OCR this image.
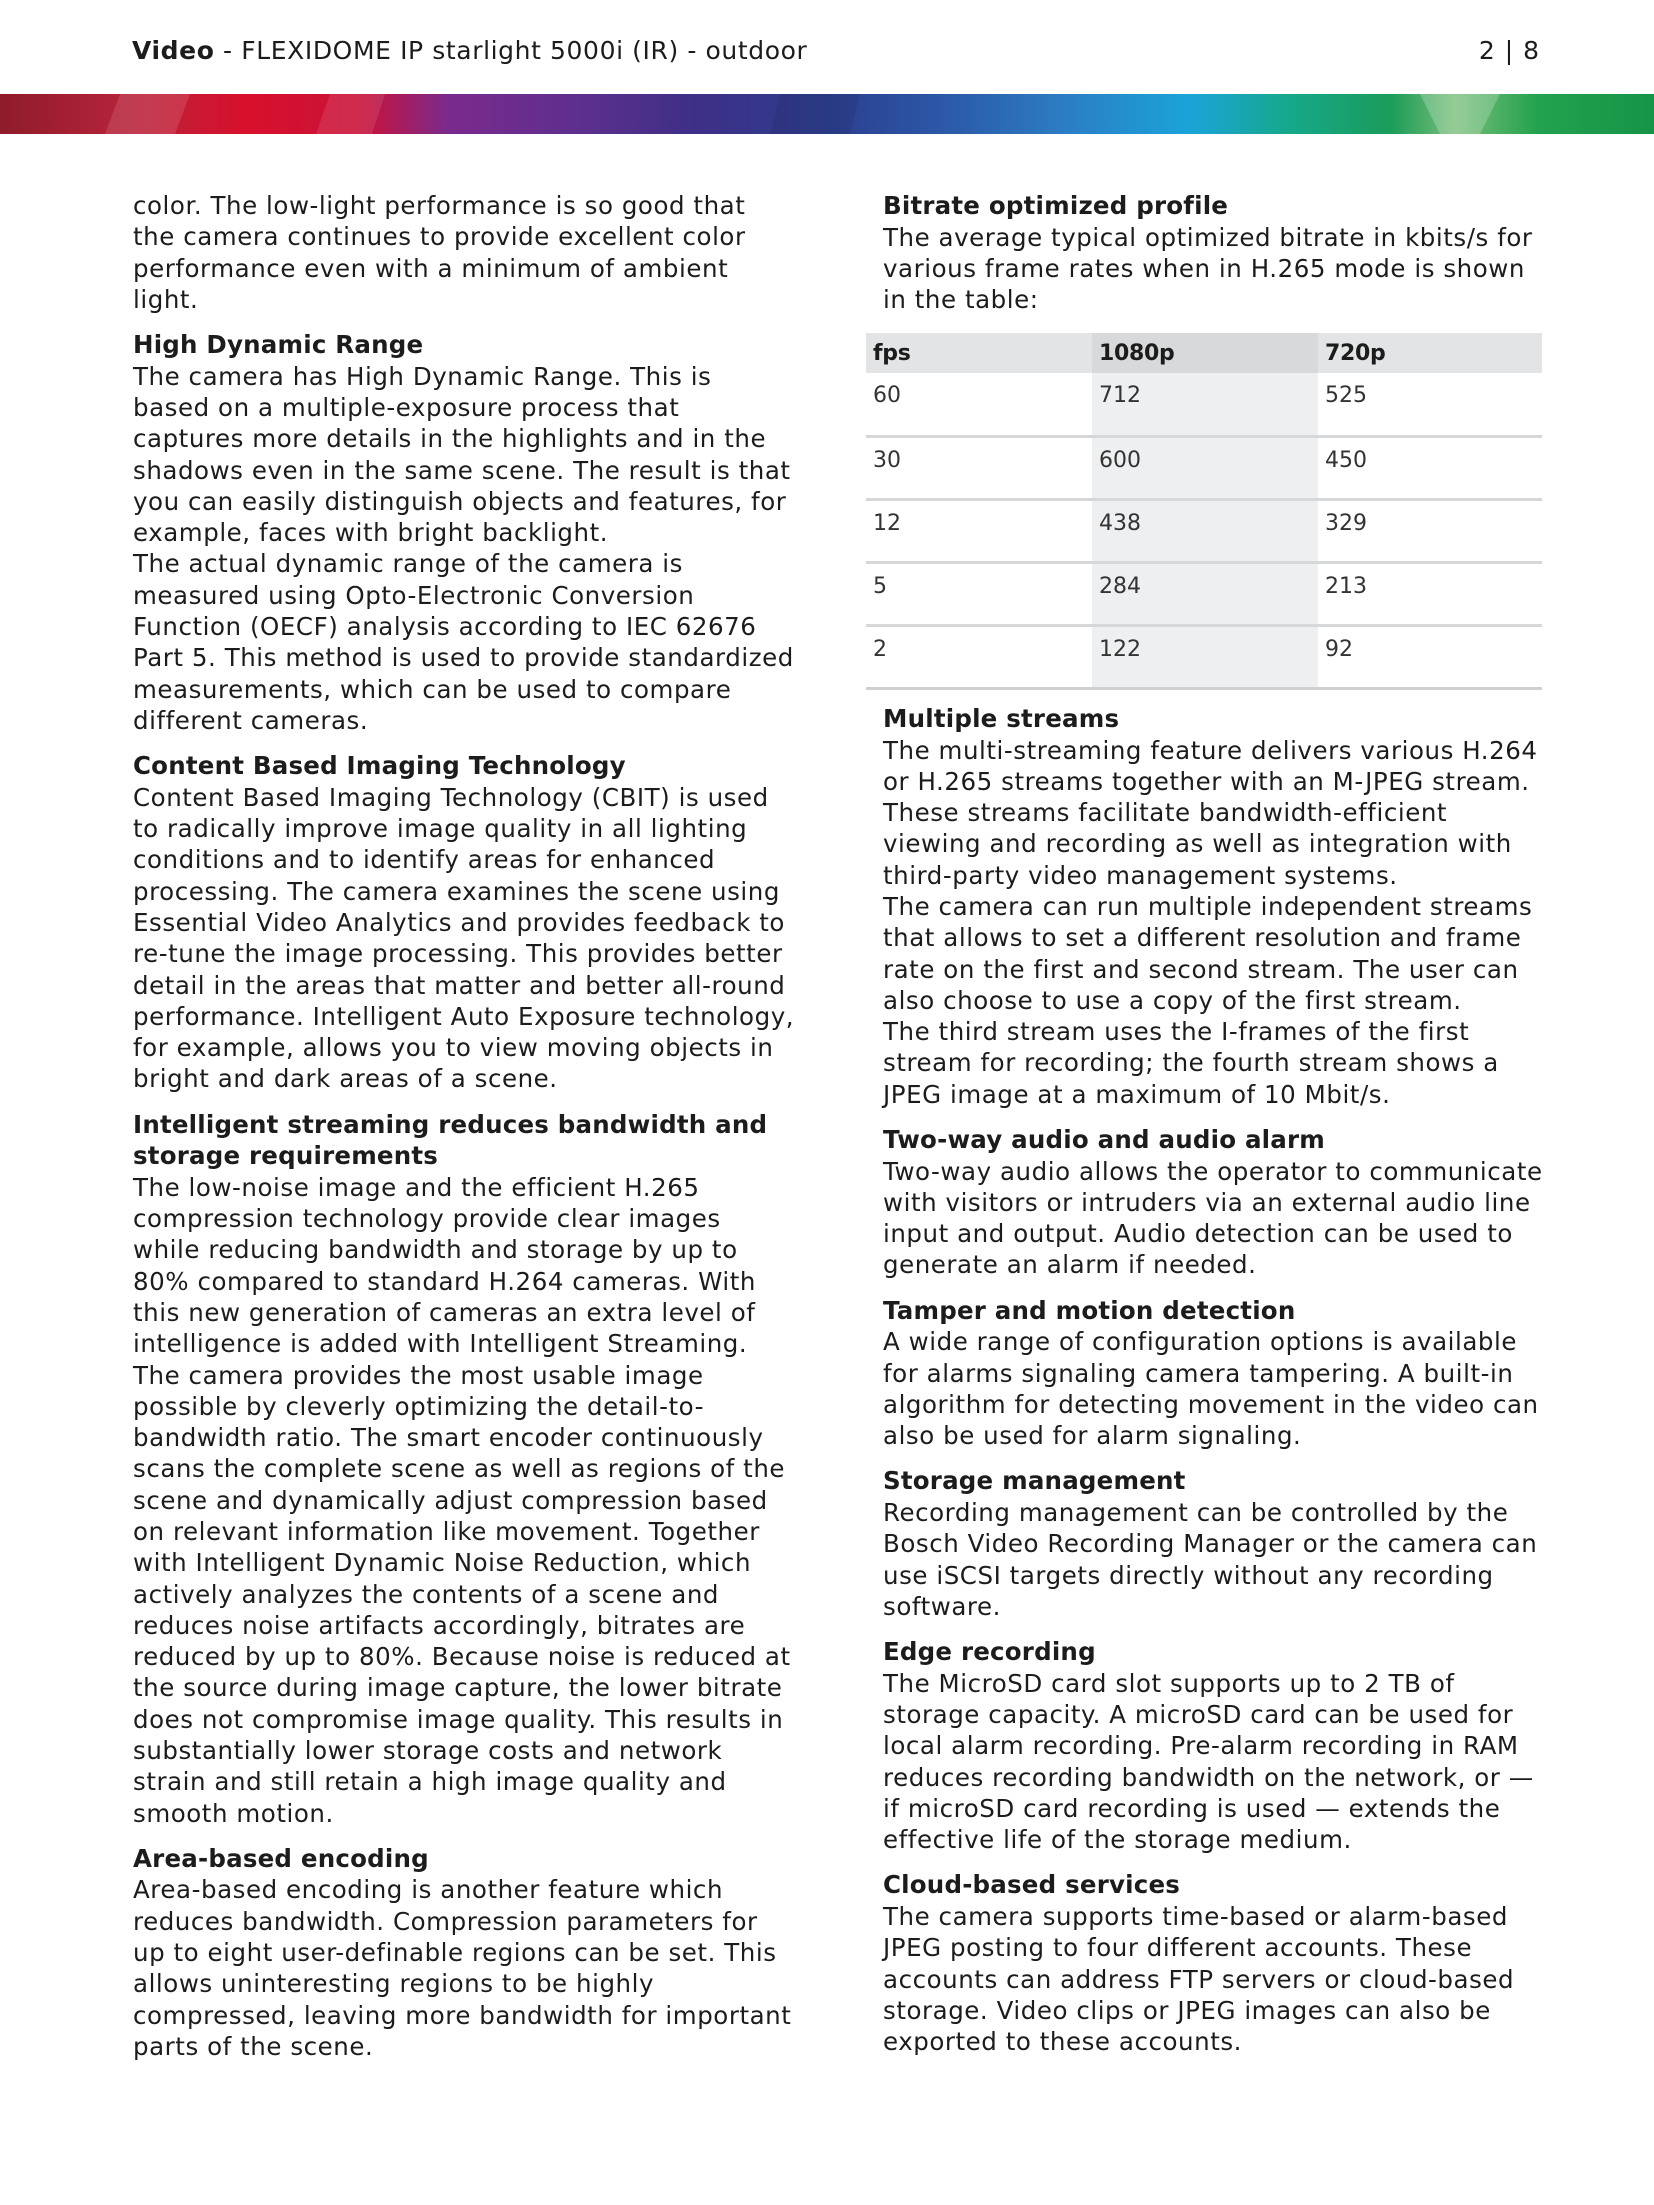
Video - FLEXIDOME IP starlight 5000i (IR) - outdoor	2 | 8

color. The low-light performance is so good that the camera continues to provide excellent color performance even with a minimum of ambient light.

High Dynamic Range

The camera has High Dynamic Range. This is based on a multiple-exposure process that captures more details in the highlights and in the shadows even in the same scene. The result is that you can easily distinguish objects and features, for example, faces with bright backlight.
The actual dynamic range of the camera is measured using Opto-Electronic Conversion Function (OECF) analysis according to IEC 62676 Part 5. This method is used to provide standardized measurements, which can be used to compare different cameras.

Content Based Imaging Technology

Content Based Imaging Technology (CBIT) is used to radically improve image quality in all lighting conditions and to identify areas for enhanced processing. The camera examines the scene using Essential Video Analytics and provides feedback to re-tune the image processing. This provides better detail in the areas that matter and better all-round performance. Intelligent Auto Exposure technology, for example, allows you to view moving objects in bright and dark areas of a scene.

Intelligent streaming reduces bandwidth and storage requirements

The low-noise image and the efficient H.265 compression technology provide clear images while reducing bandwidth and storage by up to 80% compared to standard H.264 cameras. With this new generation of cameras an extra level of intelligence is added with Intelligent Streaming. The camera provides the most usable image possible by cleverly optimizing the detail-to-bandwidth ratio. The smart encoder continuously scans the complete scene as well as regions of the scene and dynamically adjust compression based on relevant information like movement. Together with Intelligent Dynamic Noise Reduction, which actively analyzes the contents of a scene and reduces noise artifacts accordingly, bitrates are reduced by up to 80%. Because noise is reduced at the source during image capture, the lower bitrate does not compromise image quality. This results in substantially lower storage costs and network strain and still retain a high image quality and smooth motion.

Area-based encoding

Area-based encoding is another feature which reduces bandwidth. Compression parameters for up to eight user-definable regions can be set. This allows uninteresting regions to be highly compressed, leaving more bandwidth for important parts of the scene.

Bitrate optimized profile

The average typical optimized bitrate in kbits/s for various frame rates when in H.265 mode is shown in the table:

fps	1080p	720p
60	712	525
30	600	450
12	438	329
5	284	213
2	122	92
Multiple streams

The multi-streaming feature delivers various H.264 or H.265 streams together with an M-JPEG stream. These streams facilitate bandwidth-efficient viewing and recording as well as integration with third-party video management systems.
The camera can run multiple independent streams that allows to set a different resolution and frame rate on the first and second stream. The user can also choose to use a copy of the first stream.
The third stream uses the I-frames of the first stream for recording; the fourth stream shows a JPEG image at a maximum of 10 Mbit/s.

Two-way audio and audio alarm

Two-way audio allows the operator to communicate with visitors or intruders via an external audio line input and output. Audio detection can be used to generate an alarm if needed.

Tamper and motion detection

A wide range of configuration options is available for alarms signaling camera tampering. A built-in algorithm for detecting movement in the video can also be used for alarm signaling.

Storage management

Recording management can be controlled by the Bosch Video Recording Manager or the camera can use iSCSI targets directly without any recording software.

Edge recording

The MicroSD card slot supports up to 2 TB of storage capacity. A microSD card can be used for local alarm recording. Pre-alarm recording in RAM reduces recording bandwidth on the network, or — if microSD card recording is used — extends the effective life of the storage medium.

Cloud-based services

The camera supports time-based or alarm-based JPEG posting to four different accounts. These accounts can address FTP servers or cloud-based storage. Video clips or JPEG images can also be exported to these accounts.
